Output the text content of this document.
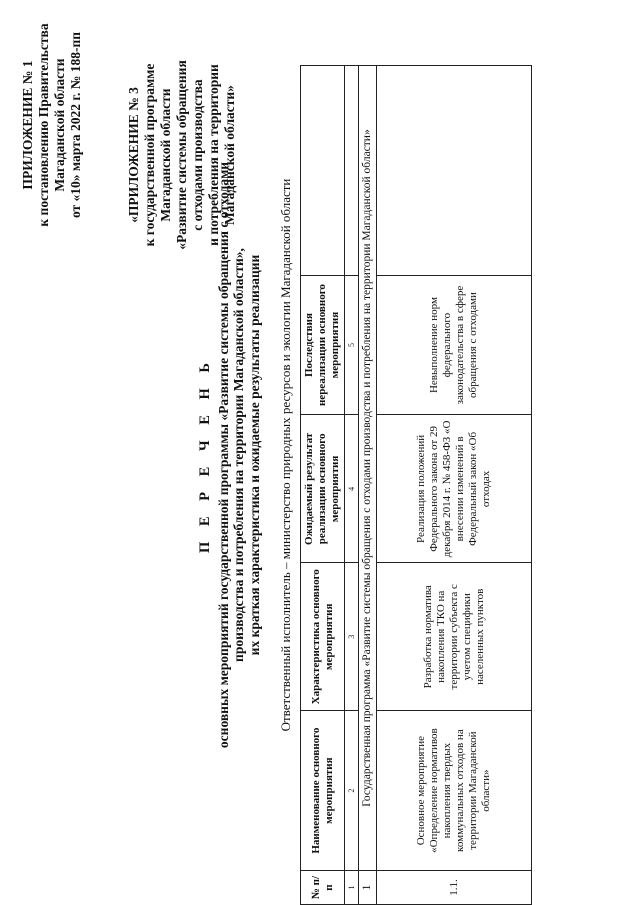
ПРИЛОЖЕНИЕ № 1 к постановлению Правительства Магаданской области от «10» марта 2022 г. № 188-пп	«ПРИЛОЖЕНИЕ № 3 к государственной программе Магаданской области «Развитие системы обращения с отходами производства и потребления на территории Магаданской области»
П Е Р Е Ч Е Н Ь основных мероприятий государственной программы «Развитие системы обращения с отходами производства и потребления на территории Магаданской области», их краткая характеристика и ожидаемые результаты реализации Ответственный исполнитель – министерство природных ресурсов и экологии Магаданской области
№ п/п	Наименование основного мероприятия	Характеристика основного мероприятия	Ожидаемый результат реализации основного мероприятия	Последствия нереализации основного мероприятия	
1	2	3	4	5	
1	Государственная программа «Развитие системы обращения с отходами производства и потребления на территории Магаданской области»				
1.1.	Основное мероприятие «Определение нормативов накопления твердых коммунальных отходов на территории Магаданской области»	Разработка норматива накопления ТКО на территории субъекта с учетом специфики населенных пунктов	Реализация положений Федерального закона от 29 декабря 2014 г. № 458-ФЗ «О внесении изменений в Федеральный закон «Об отходах	Невыполнение норм федерального законодательства в сфере обращения с отходами	
